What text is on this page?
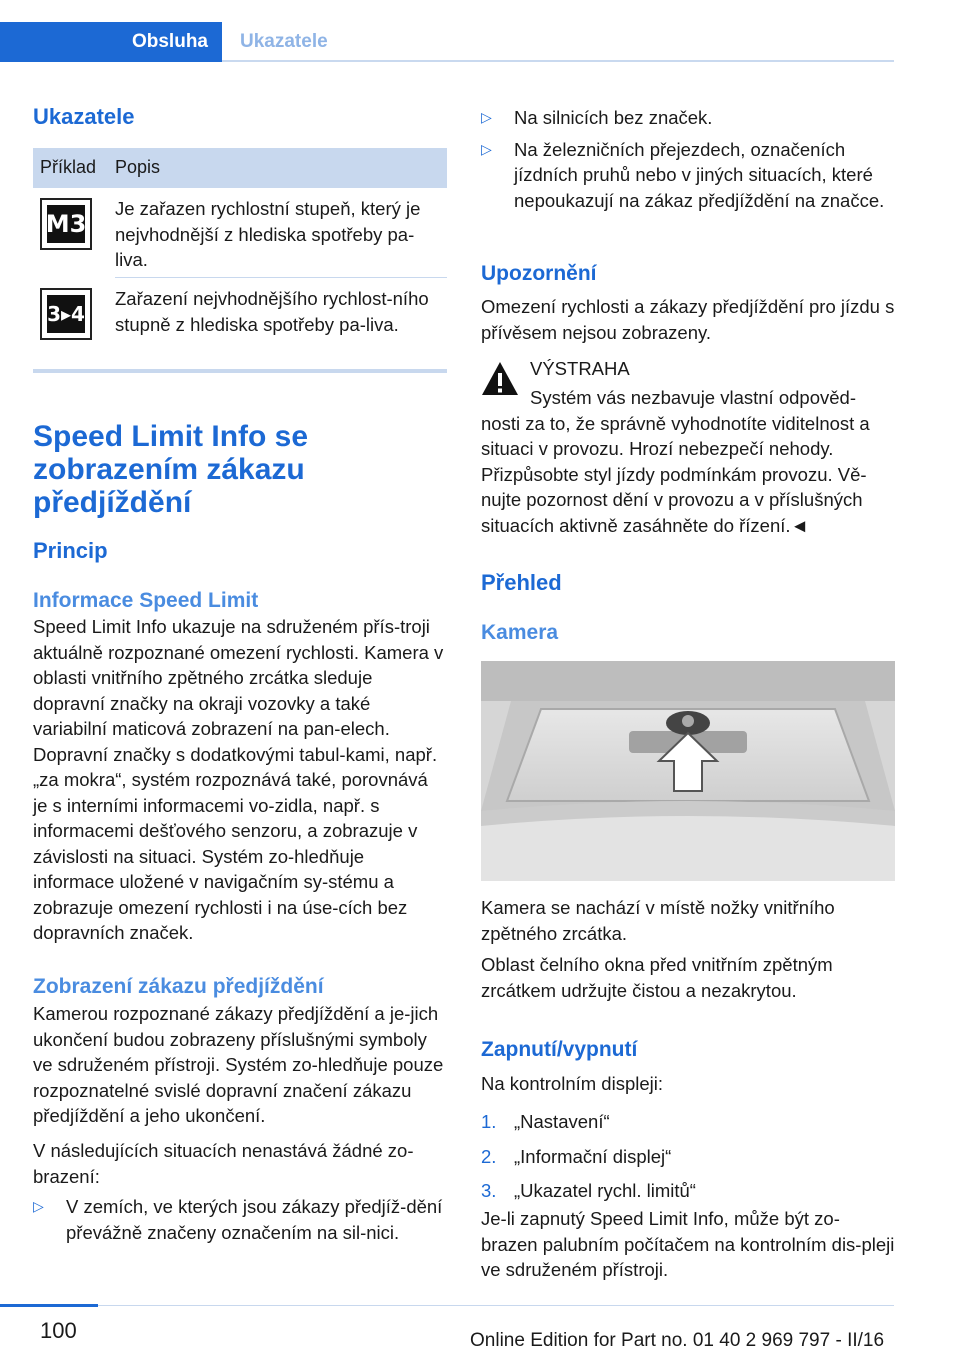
Obsluha	Ukazatele
Ukazatele
Příklad Popis
M3
Je zařazen rychlostní stupeň, který je nejvhodnější z hlediska spotřeby pa-liva.
3▸4
Zařazení nejvhodnějšího rychlost-ního stupně z hlediska spotřeby pa-liva.
Speed Limit Info se zobrazením zákazu předjíždění
Princip
Informace Speed Limit
Speed Limit Info ukazuje na sdruženém přís-troji aktuálně rozpoznané omezení rychlosti. Kamera v oblasti vnitřního zpětného zrcátka sleduje dopravní značky na okraji vozovky a také variabilní maticová zobrazení na pan-elech. Dopravní značky s dodatkovými tabul-kami, např. „za mokra“, systém rozpoznává také, porovnává je s interními informacemi vo-zidla, např. s informacemi dešťového senzoru, a zobrazuje v závislosti na situaci. Systém zo-hledňuje informace uložené v navigačním sy-stému a zobrazuje omezení rychlosti i na úse-cích bez dopravních značek.
Zobrazení zákazu předjíždění
Kamerou rozpoznané zákazy předjíždění a je-jich ukončení budou zobrazeny příslušnými symboly ve sdruženém přístroji. Systém zo-hledňuje pouze rozpoznatelné svislé dopravní značení zákazu předjíždění a jeho ukončení.
V následujících situacích nenastává žádné zo-brazení:
▷ V zemích, ve kterých jsou zákazy předjíž-dění převážně značeny označením na sil-nici.
▷ Na silnicích bez značek.
▷ Na železničních přejezdech, označeních jízdních pruhů nebo v jiných situacích, které nepoukazují na zákaz předjíždění na značce.
Upozornění
Omezení rychlosti a zákazy předjíždění pro jízdu s přívěsem nejsou zobrazeny.
VÝSTRAHA
Systém vás nezbavuje vlastní odpověd-nosti za to, že správně vyhodnotíte viditelnost a situaci v provozu. Hrozí nebezpečí nehody. Přizpůsobte styl jízdy podmínkám provozu. Vě-nujte pozornost dění v provozu a v příslušných situacích aktivně zasáhněte do řízení.◄
Přehled
Kamera
Kamera se nachází v místě nožky vnitřního zpětného zrcátka.
Oblast čelního okna před vnitřním zpětným zrcátkem udržujte čistou a nezakrytou.
Zapnutí/vypnutí
Na kontrolním displeji:
1. „Nastavení“
2. „Informační displej“
3. „Ukazatel rychl. limitů“
Je-li zapnutý Speed Limit Info, může být zo-brazen palubním počítačem na kontrolním dis-pleji ve sdruženém přístroji.
100	Online Edition for Part no. 01 40 2 969 797 - II/16
